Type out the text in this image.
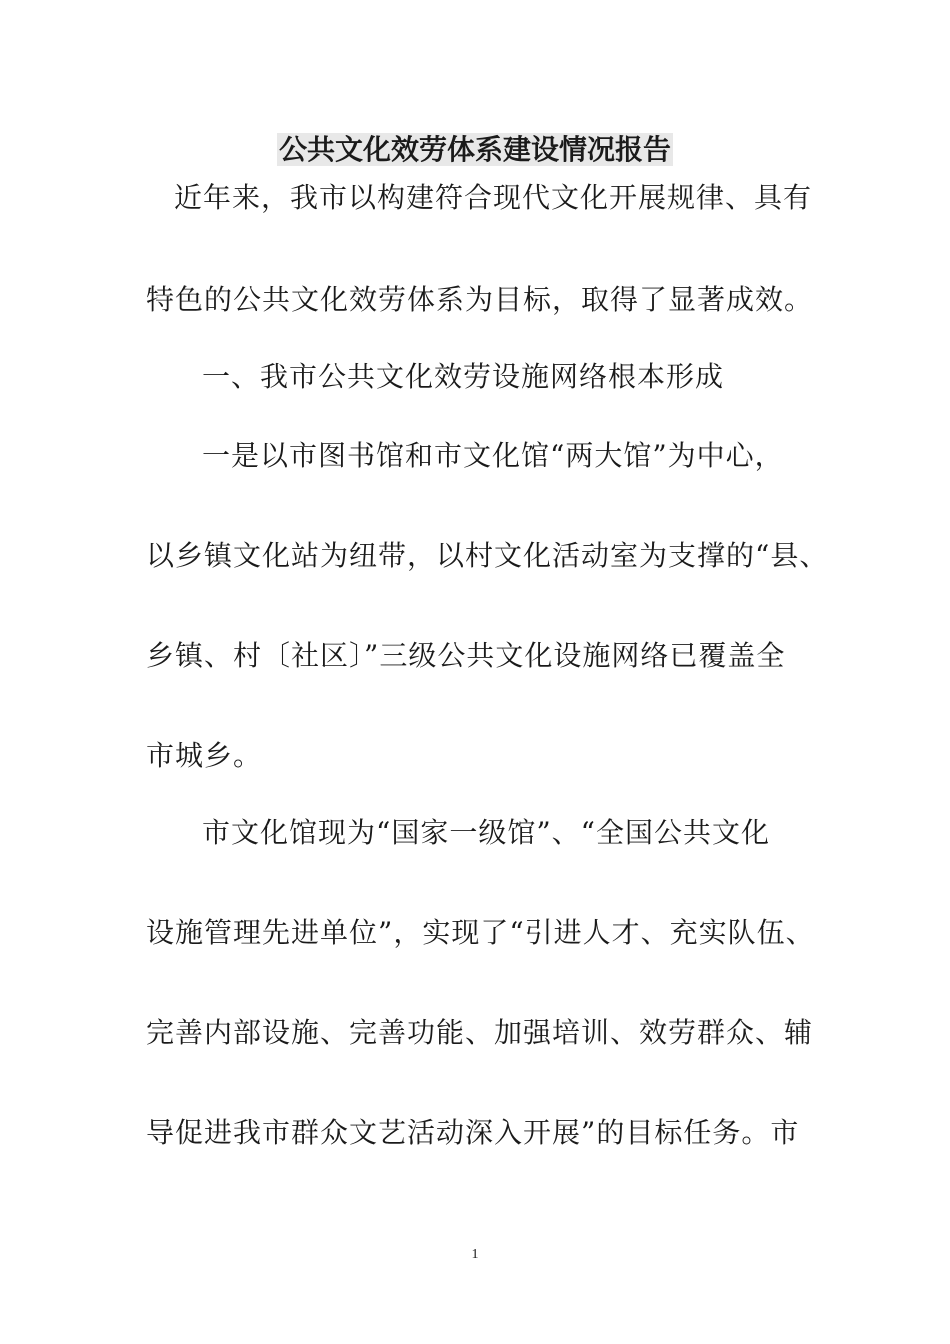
公共文化效劳体系建设情况报告
近年来，我市以构建符合现代文化开展规律、具有
特色的公共文化效劳体系为目标，取得了显著成效。
一、我市公共文化效劳设施网络根本形成
一是以市图书馆和市文化馆“两大馆”为中心，
以乡镇文化站为纽带，以村文化活动室为支撑的“县、
乡镇、村〔社区〕”三级公共文化设施网络已覆盖全
市城乡。
市文化馆现为“国家一级馆”、“全国公共文化
设施管理先进单位”，实现了“引进人才、充实队伍、
完善内部设施、完善功能、加强培训、效劳群众、辅
导促进我市群众文艺活动深入开展”的目标任务。市
1
